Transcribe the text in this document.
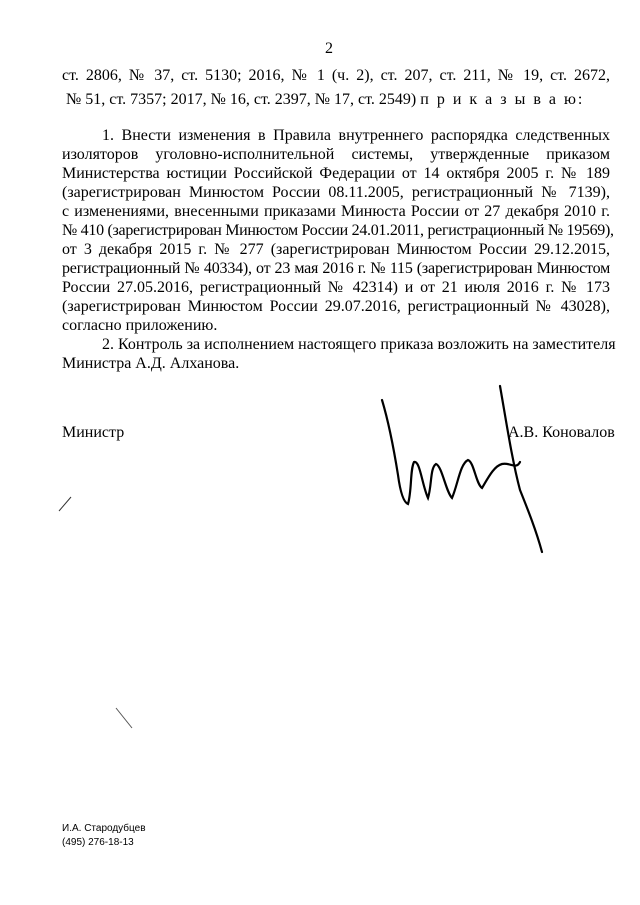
2
ст. 2806, № 37, ст. 5130; 2016, № 1 (ч. 2), ст. 207, ст. 211, № 19, ст. 2672,
№ 51, ст. 7357; 2017, № 16, ст. 2397, № 17, ст. 2549) п р и к а з ы в а ю:
1. Внести изменения в Правила внутреннего распорядка следственных
изоляторов уголовно-исполнительной системы, утвержденные приказом
Министерства юстиции Российской Федерации от 14 октября 2005 г. № 189
(зарегистрирован Минюстом России 08.11.2005, регистрационный № 7139),
с изменениями, внесенными приказами Минюста России от 27 декабря 2010 г.
№ 410 (зарегистрирован Минюстом России 24.01.2011, регистрационный № 19569),
от 3 декабря 2015 г. № 277 (зарегистрирован Минюстом России 29.12.2015,
регистрационный № 40334), от 23 мая 2016 г. № 115 (зарегистрирован Минюстом
России 27.05.2016, регистрационный № 42314) и от 21 июля 2016 г. № 173
(зарегистрирован Минюстом России 29.07.2016, регистрационный № 43028),
согласно приложению.
2. Контроль за исполнением настоящего приказа возложить на заместителя
Министра А.Д. Алханова.
Министр	А.В. Коновалов
И.А. Стародубцев
(495) 276-18-13
